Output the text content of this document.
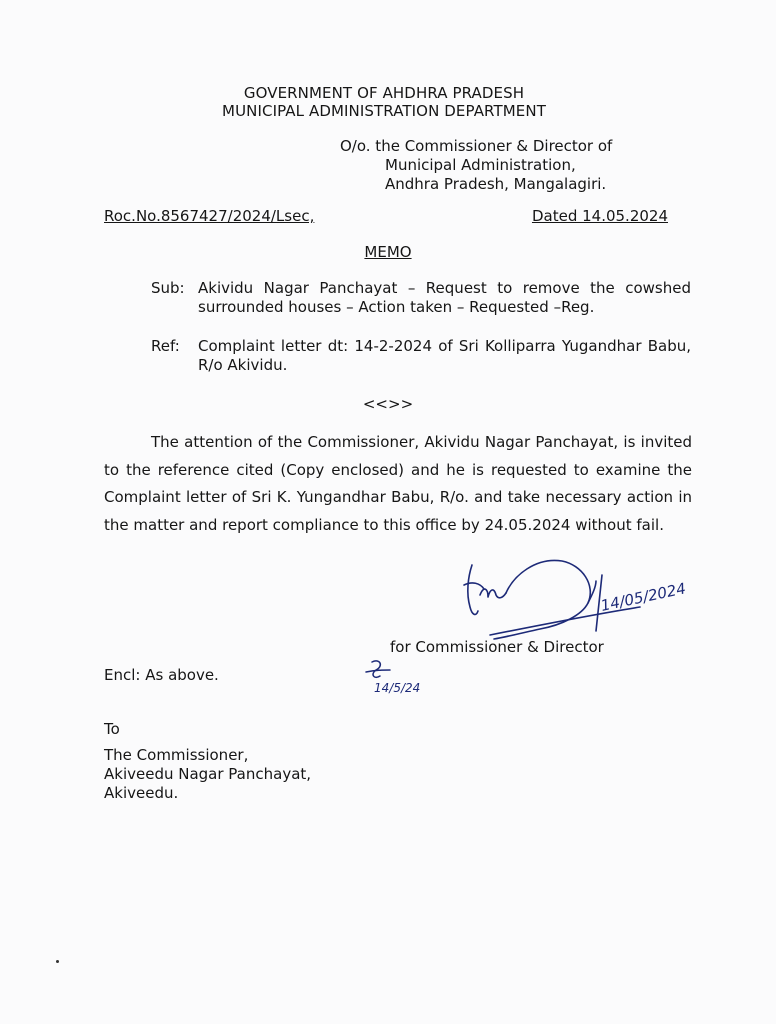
GOVERNMENT OF AHDHRA PRADESH
MUNICIPAL ADMINISTRATION DEPARTMENT
O/o. the Commissioner & Director of
Municipal Administration,
Andhra Pradesh, Mangalagiri.
Roc.No.8567427/2024/Lsec,	Dated 14.05.2024
MEMO
Sub: Akividu Nagar Panchayat – Request to remove the cowshed surrounded houses – Action taken – Requested –Reg.
Ref: Complaint letter dt: 14-2-2024 of Sri Kolliparra Yugandhar Babu, R/o Akividu.
<<>>
The attention of the Commissioner, Akividu Nagar Panchayat, is invited to the reference cited (Copy enclosed) and he is requested to examine the Complaint letter of Sri K. Yungandhar Babu, R/o. and take necessary action in the matter and report compliance to this office by 24.05.2024 without fail.
14/05/2024
for Commissioner & Director
Encl: As above.
14/5/24
To
The Commissioner,
Akiveedu Nagar Panchayat,
Akiveedu.
